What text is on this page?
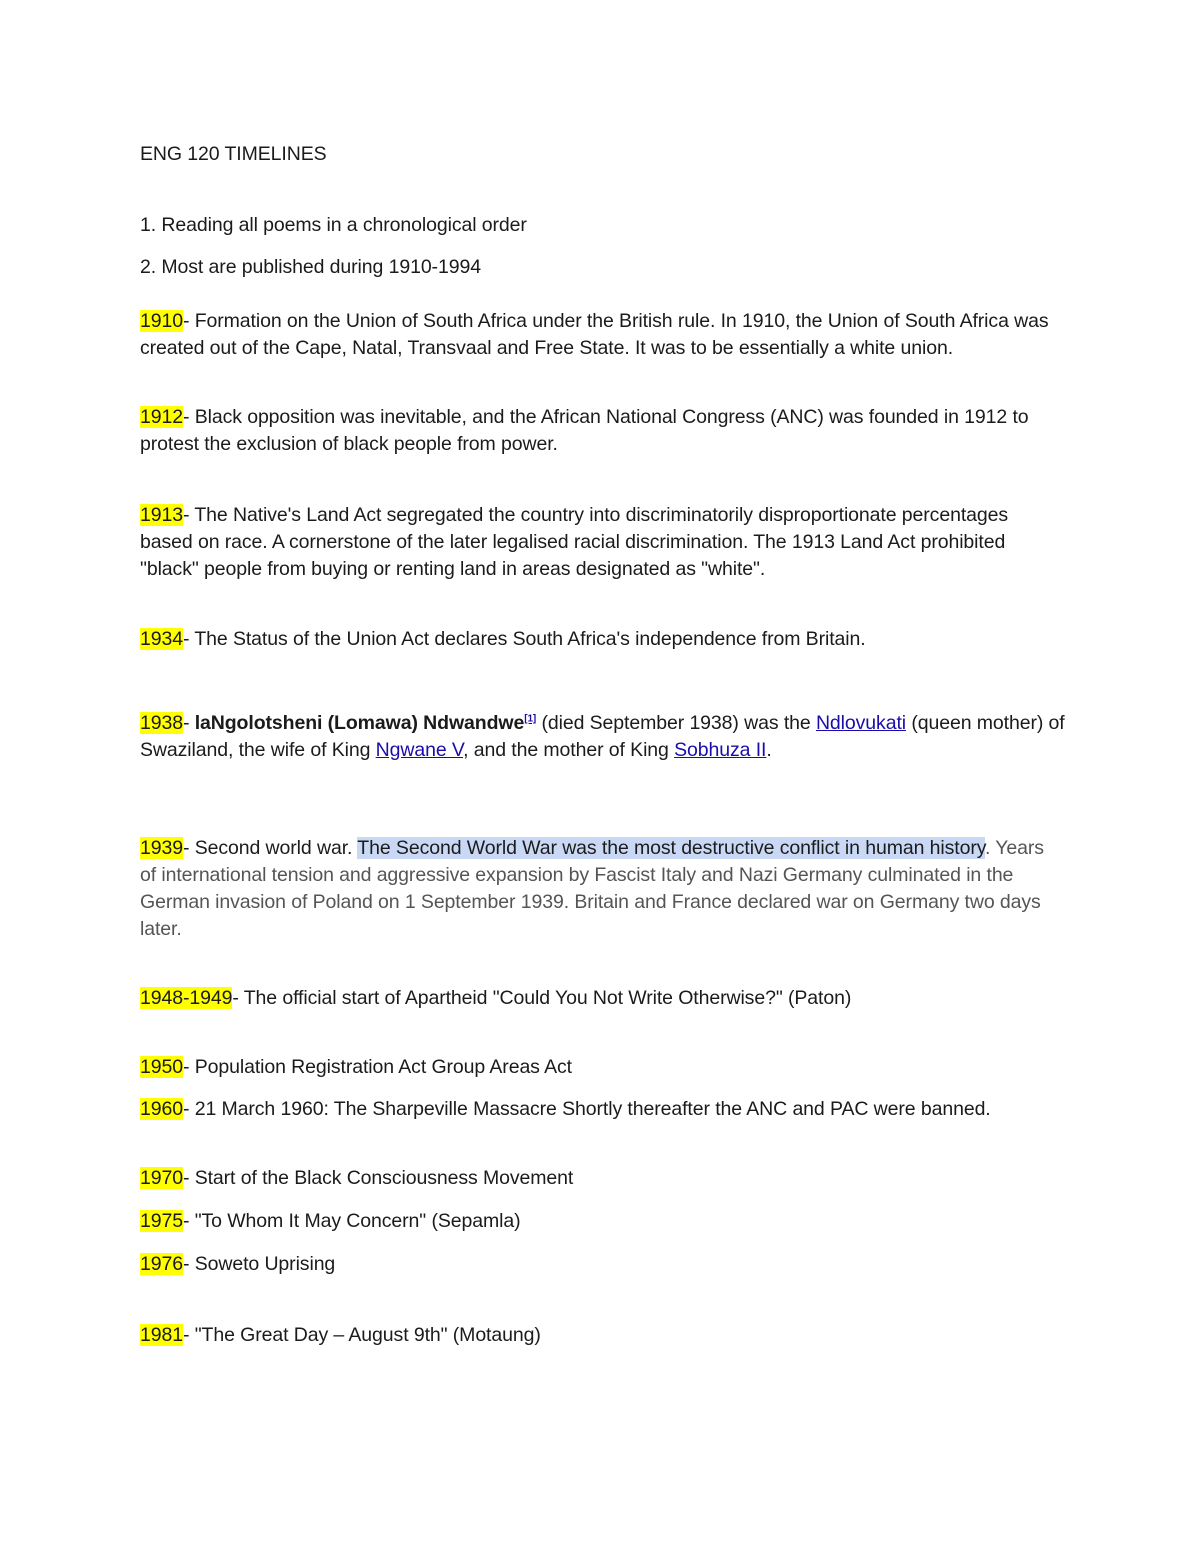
ENG 120 TIMELINES
1. Reading all poems in a chronological order
2. Most are published during 1910-1994
1910- Formation on the Union of South Africa under the British rule. In 1910, the Union of South Africa was created out of the Cape, Natal, Transvaal and Free State. It was to be essentially a white union.
1912- Black opposition was inevitable, and the African National Congress (ANC) was founded in 1912 to protest the exclusion of black people from power.
1913- The Native's Land Act segregated the country into discriminatorily disproportionate percentages based on race. A cornerstone of the later legalised racial discrimination. The 1913 Land Act prohibited "black" people from buying or renting land in areas designated as "white".
1934- The Status of the Union Act declares South Africa's independence from Britain.
1938- laNgolotsheni (Lomawa) Ndwandwe[1] (died September 1938) was the Ndlovukati (queen mother) of Swaziland, the wife of King Ngwane V, and the mother of King Sobhuza II.
1939- Second world war. The Second World War was the most destructive conflict in human history. Years of international tension and aggressive expansion by Fascist Italy and Nazi Germany culminated in the German invasion of Poland on 1 September 1939. Britain and France declared war on Germany two days later.
1948-1949- The official start of Apartheid "Could You Not Write Otherwise?" (Paton)
1950- Population Registration Act Group Areas Act
1960- 21 March 1960: The Sharpeville Massacre Shortly thereafter the ANC and PAC were banned.
1970- Start of the Black Consciousness Movement
1975- "To Whom It May Concern" (Sepamla)
1976- Soweto Uprising
1981- "The Great Day – August 9th" (Motaung)
